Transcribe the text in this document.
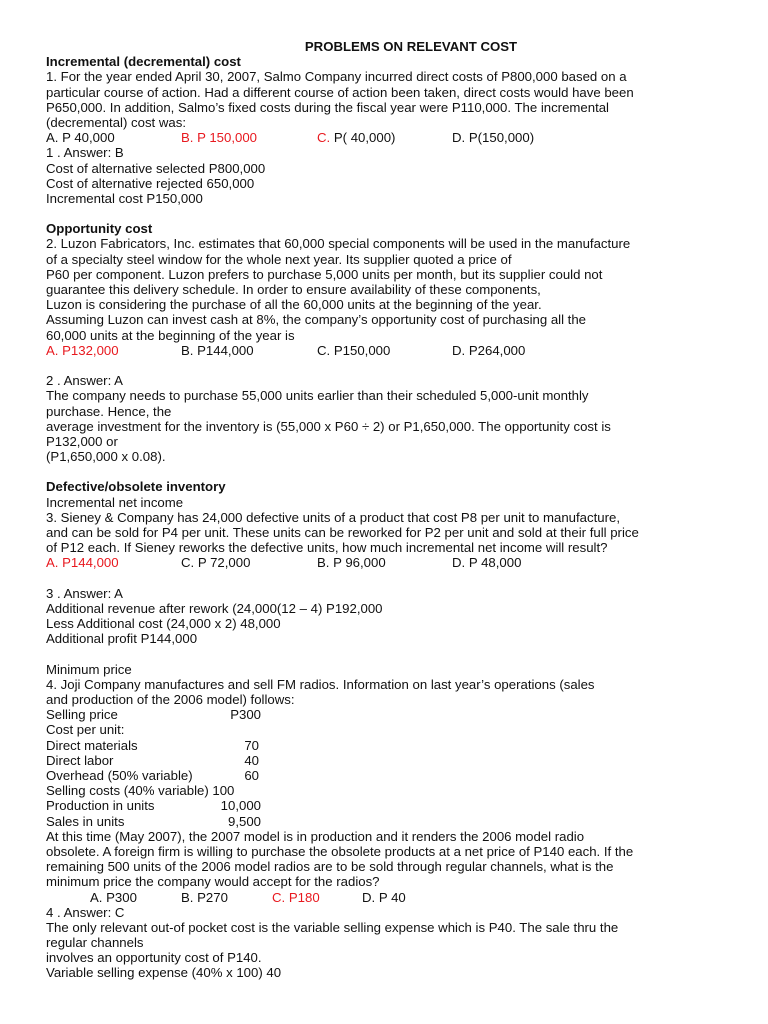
PROBLEMS ON RELEVANT COST
Incremental (decremental) cost
1. For the year ended April 30, 2007, Salmo Company incurred direct costs of P800,000 based on a
particular course of action. Had a different course of action been taken, direct costs would have been
P650,000. In addition, Salmo’s fixed costs during the fiscal year were P110,000. The incremental
(decremental) cost was:
A. P 40,000	B. P 150,000	C. P( 40,000)	D. P(150,000)
1 . Answer: B
Cost of alternative selected P800,000
Cost of alternative rejected 650,000
Incremental cost P150,000
Opportunity cost
2. Luzon Fabricators, Inc. estimates that 60,000 special components will be used in the manufacture
of a specialty steel window for the whole next year. Its supplier quoted a price of
P60 per component. Luzon prefers to purchase 5,000 units per month, but its supplier could not
guarantee this delivery schedule. In order to ensure availability of these components,
Luzon is considering the purchase of all the 60,000 units at the beginning of the year.
Assuming Luzon can invest cash at 8%, the company’s opportunity cost of purchasing all the
60,000 units at the beginning of the year is
A. P132,000	B. P144,000	C. P150,000	D. P264,000
2 . Answer: A
The company needs to purchase 55,000 units earlier than their scheduled 5,000-unit monthly
purchase. Hence, the
average investment for the inventory is (55,000 x P60 ÷ 2) or P1,650,000. The opportunity cost is
P132,000 or
(P1,650,000 x 0.08).
Defective/obsolete inventory
Incremental net income
3. Sieney & Company has 24,000 defective units of a product that cost P8 per unit to manufacture,
and can be sold for P4 per unit. These units can be reworked for P2 per unit and sold at their full price
of P12 each. If Sieney reworks the defective units, how much incremental net income will result?
A. P144,000	C. P 72,000	B. P 96,000	D. P 48,000
3 . Answer: A
Additional revenue after rework (24,000(12 – 4) P192,000
Less Additional cost (24,000 x 2) 48,000
Additional profit P144,000
Minimum price
4. Joji Company manufactures and sell FM radios. Information on last year’s operations (sales
and production of the 2006 model) follows:
Selling price	P300
Cost per unit:
Direct materials	70
Direct labor	40
Overhead (50% variable)	60
Selling costs (40% variable) 100
Production in units	10,000
Sales in units	9,500
At this time (May 2007), the 2007 model is in production and it renders the 2006 model radio
obsolete. A foreign firm is willing to purchase the obsolete products at a net price of P140 each. If the
remaining 500 units of the 2006 model radios are to be sold through regular channels, what is the
minimum price the company would accept for the radios?
A. P300	B. P270	C. P180	D. P 40
4 . Answer: C
The only relevant out-of pocket cost is the variable selling expense which is P40. The sale thru the
regular channels
involves an opportunity cost of P140.
Variable selling expense (40% x 100) 40
